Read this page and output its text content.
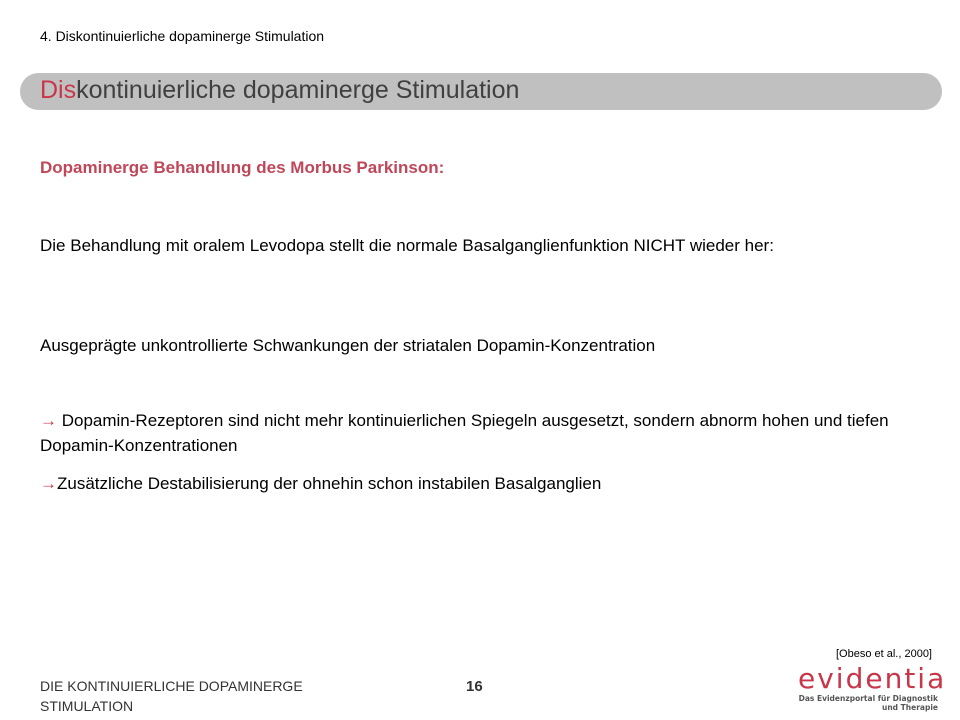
4. Diskontinuierliche dopaminerge Stimulation
Diskontinuierliche dopaminerge Stimulation
Dopaminerge Behandlung des Morbus Parkinson:
Die Behandlung mit oralem Levodopa stellt die normale Basalganglienfunktion NICHT wieder her:
Ausgeprägte unkontrollierte Schwankungen der striatalen Dopamin-Konzentration
→ Dopamin-Rezeptoren sind nicht mehr kontinuierlichen Spiegeln ausgesetzt, sondern abnorm hohen und tiefen Dopamin-Konzentrationen
→Zusätzliche Destabilisierung der ohnehin schon instabilen Basalganglien
[Obeso et al., 2000]
DIE KONTINUIERLICHE DOPAMINERGE STIMULATION
16	evidentia
Das Evidenzportal für Diagnostik
und Therapie
